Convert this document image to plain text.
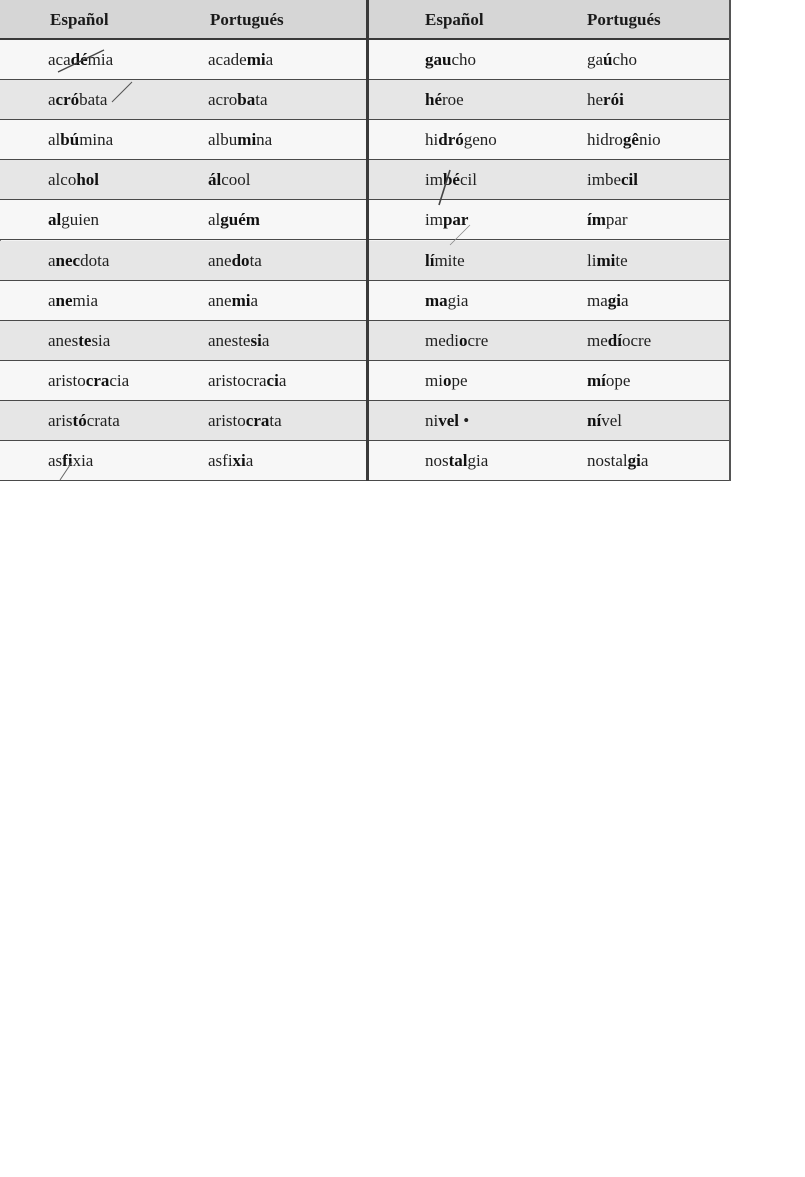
Español	Portugués
académia	academia
acróbata	acrobata
albúmina	albumina
alcohol	álcool
alguien	alguém
anecdota	anedota
anemia	anemia
anestesia	anestesia
aristocracia	aristocracia
aristócrata	aristocrata
asfixia	asfixia
Español	Portugués
gaucho	gaúcho
héroe	herói
hidrógeno	hidrogênio
imbécil	imbecil
impar	ímpar
límite	limite
magia	magia
mediocre	medíocre
miope	míope
nivel •	nível
nostalgia	nostalgia
